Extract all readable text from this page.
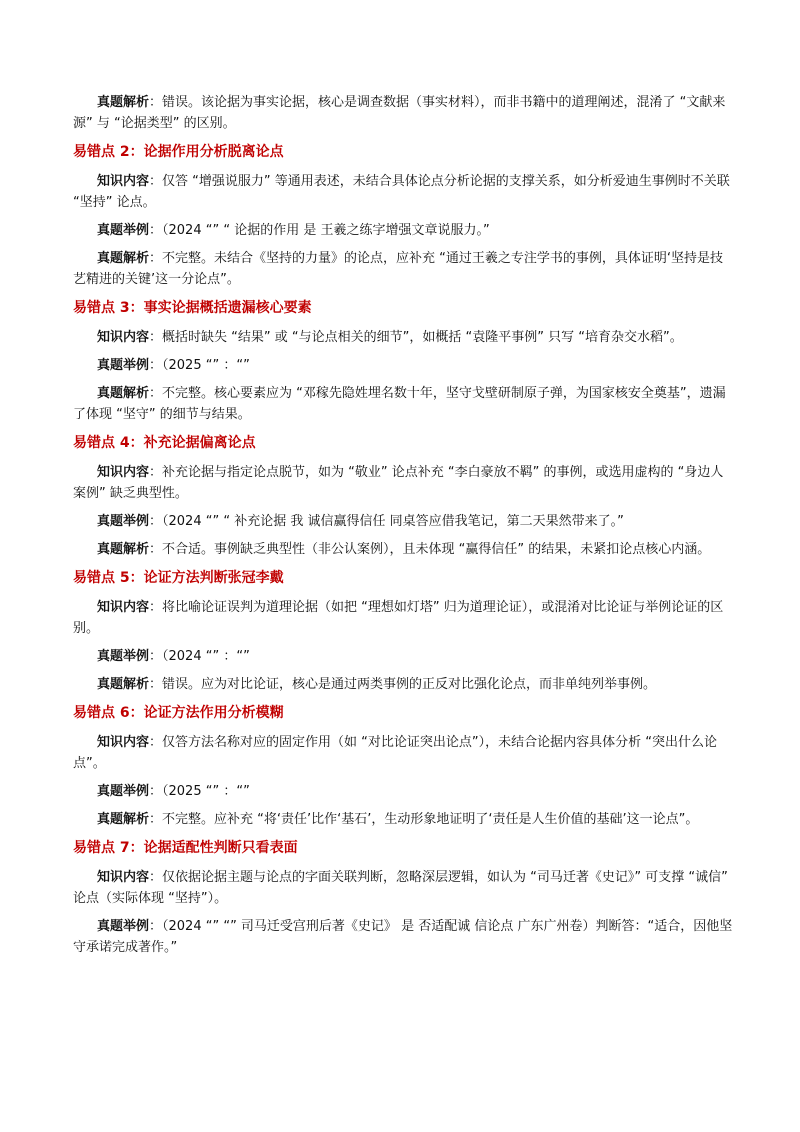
真题解析：错误。该论据为事实论据，核心是调查数据（事实材料），而非书籍中的道理阐述，混淆了 “文献来源” 与 “论据类型” 的区别。
易错点 2：论据作用分析脱离论点
知识内容：仅答 “增强说服力” 等通用表述，未结合具体论点分析论据的支撑关系，如分析爱迪生事例时不关联 “坚持” 论点。
真题举例：（2024 “” “ 论据的作用 是 王羲之练字增强文章说服力。”
真题解析：不完整。未结合《坚持的力量》的论点，应补充 “通过王羲之专注学书的事例，具体证明‘坚持是技艺精进的关键’这一分论点”。
易错点 3：事实论据概括遗漏核心要素
知识内容：概括时缺失 “结果” 或 “与论点相关的细节”，如概括 “袁隆平事例” 只写 “培育杂交水稻”。
真题举例：（2025 “” ：“”
真题解析：不完整。核心要素应为 “邓稼先隐姓埋名数十年，坚守戈壁研制原子弹，为国家核安全奠基”，遗漏了体现 “坚守” 的细节与结果。
易错点 4：补充论据偏离论点
知识内容：补充论据与指定论点脱节，如为 “敬业” 论点补充 “李白豪放不羁” 的事例，或选用虚构的 “身边人案例” 缺乏典型性。
真题举例：（2024 “” “ 补充论据 我 诚信赢得信任 同桌答应借我笔记，第二天果然带来了。”
真题解析：不合适。事例缺乏典型性（非公认案例），且未体现 “赢得信任” 的结果，未紧扣论点核心内涵。
易错点 5：论证方法判断张冠李戴
知识内容：将比喻论证误判为道理论据（如把 “理想如灯塔” 归为道理论证），或混淆对比论证与举例论证的区别。
真题举例：（2024 “” ：“”
真题解析：错误。应为对比论证，核心是通过两类事例的正反对比强化论点，而非单纯列举事例。
易错点 6：论证方法作用分析模糊
知识内容：仅答方法名称对应的固定作用（如 “对比论证突出论点”），未结合论据内容具体分析 “突出什么论点”。
真题举例：（2025 “” ：“”
真题解析：不完整。应补充 “将‘责任’比作‘基石’，生动形象地证明了‘责任是人生价值的基础’这一论点”。
易错点 7：论据适配性判断只看表面
知识内容：仅依据论据主题与论点的字面关联判断，忽略深层逻辑，如认为 “司马迁著《史记》” 可支撑 “诚信” 论点（实际体现 “坚持”）。
真题举例：（2024 “” “” 司马迁受宫刑后著《史记》 是 否适配诚 信论点 广东广州卷）判断答：“适合，因他坚守承诺完成著作。”
